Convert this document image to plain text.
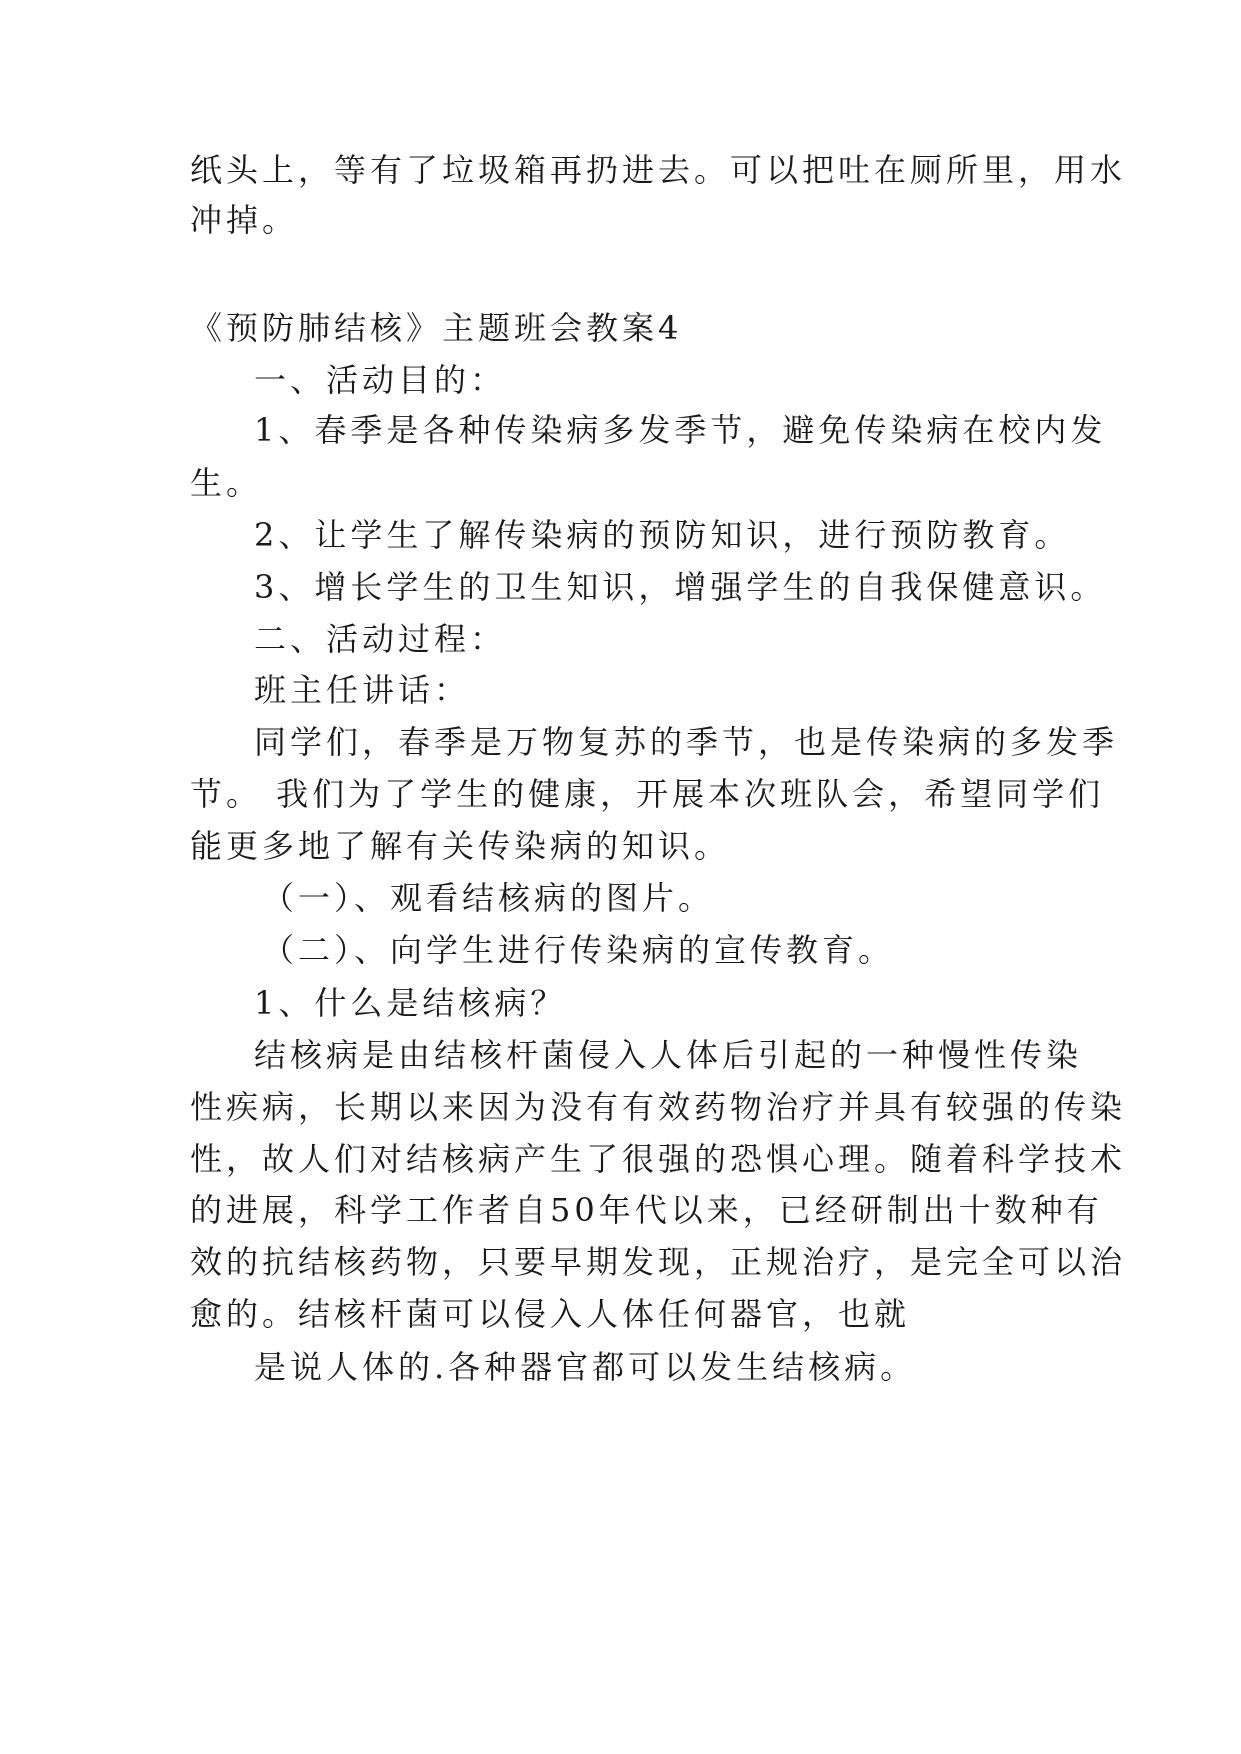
纸头上，等有了垃圾箱再扔进去。可以把吐在厕所里，用水
冲掉。
《预防肺结核》主题班会教案4
一、活动目的：
1、春季是各种传染病多发季节，避免传染病在校内发
生。
2、让学生了解传染病的预防知识，进行预防教育。
3、增长学生的卫生知识，增强学生的自我保健意识。
二、活动过程：
班主任讲话：
同学们，春季是万物复苏的季节，也是传染病的多发季
节。 我们为了学生的健康，开展本次班队会，希望同学们
能更多地了解有关传染病的知识。
（一）、观看结核病的图片。
（二）、向学生进行传染病的宣传教育。
1、什么是结核病？
结核病是由结核杆菌侵入人体后引起的一种慢性传染
性疾病，长期以来因为没有有效药物治疗并具有较强的传染
性，故人们对结核病产生了很强的恐惧心理。随着科学技术
的进展，科学工作者自50年代以来，已经研制出十数种有
效的抗结核药物，只要早期发现，正规治疗，是完全可以治
愈的。结核杆菌可以侵入人体任何器官，也就
是说人体的.各种器官都可以发生结核病。
